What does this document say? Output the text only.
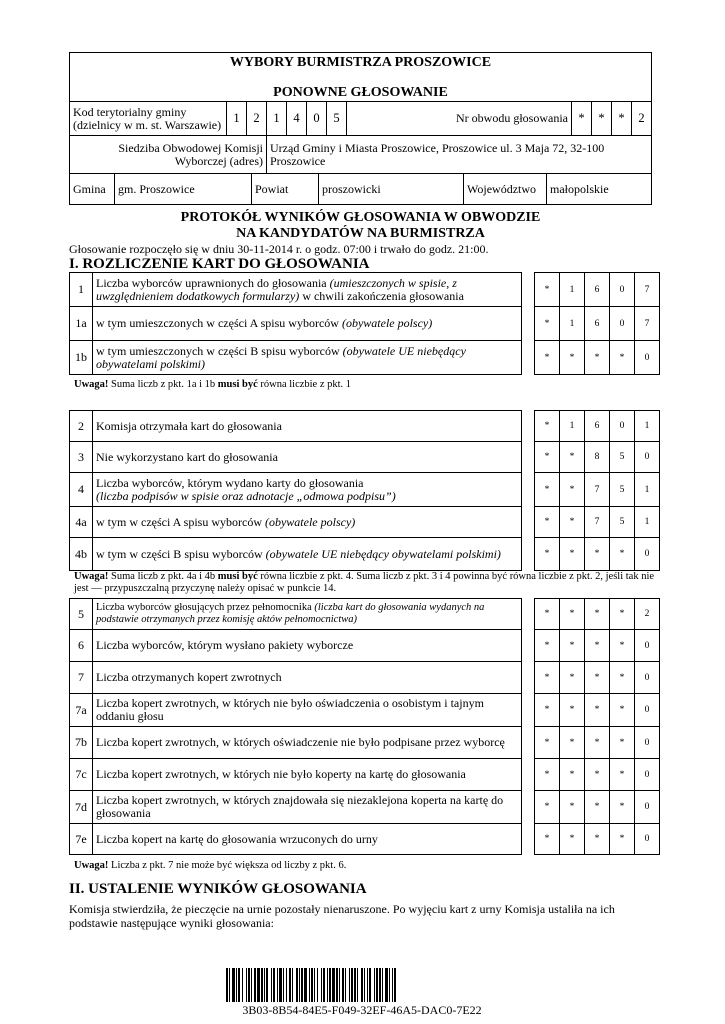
WYBORY BURMISTRZA PROSZOWICE
PONOWNE GŁOSOWANIE

Kod terytorialny gminy (dzielnicy w m. st. Warszawie)	1	2	1	4	0	5	Nr obwodu głosowania	*	*	*	2
Siedziba Obwodowej Komisji Wyborczej (adres)	Urząd Gminy i Miasta Proszowice, Proszowice ul. 3 Maja 72, 32-100 Proszowice

Gmina	gm. Proszowice	Powiat	proszowicki	Województwo	małopolskie
PROTOKÓŁ WYNIKÓW GŁOSOWANIA W OBWODZIE
NA KANDYDATÓW NA BURMISTRZA
Głosowanie rozpoczęło się w dniu 30-11-2014 r. o godz. 07:00 i trwało do godz. 21:00.
I. ROZLICZENIE KART DO GŁOSOWANIA
1	Liczba wyborców uprawnionych do głosowania (umieszczonych w spisie, z uwzględnieniem dodatkowych formularzy) w chwili zakończenia głosowania		*	1	6	0	7
1a	w tym umieszczonych w części A spisu wyborców (obywatele polscy)		*	1	6	0	7
1b	w tym umieszczonych w części B spisu wyborców (obywatele UE niebędący obywatelami polskimi)		*	*	*	*	0
Uwaga! Suma liczb z pkt. 1a i 1b musi być równa liczbie z pkt. 1
2	Komisja otrzymała kart do głosowania		*	1	6	0	1
3	Nie wykorzystano kart do głosowania		*	*	8	5	0
4	Liczba wyborców, którym wydano karty do głosowania
(liczba podpisów w spisie oraz adnotacje „odmowa podpisu”)		*	*	7	5	1
4a	w tym w części A spisu wyborców (obywatele polscy)		*	*	7	5	1
4b	w tym w części B spisu wyborców (obywatele UE niebędący obywatelami polskimi)		*	*	*	*	0
Uwaga! Suma liczb z pkt. 4a i 4b musi być równa liczbie z pkt. 4. Suma liczb z pkt. 3 i 4 powinna być równa liczbie z pkt. 2, jeśli tak nie jest — przypuszczalną przyczynę należy opisać w punkcie 14.
5	Liczba wyborców głosujących przez pełnomocnika (liczba kart do głosowania wydanych na podstawie otrzymanych przez komisję aktów pełnomocnictwa)		*	*	*	*	2
6	Liczba wyborców, którym wysłano pakiety wyborcze		*	*	*	*	0
7	Liczba otrzymanych kopert zwrotnych		*	*	*	*	0
7a	Liczba kopert zwrotnych, w których nie było oświadczenia o osobistym i tajnym oddaniu głosu		*	*	*	*	0
7b	Liczba kopert zwrotnych, w których oświadczenie nie było podpisane przez wyborcę		*	*	*	*	0
7c	Liczba kopert zwrotnych, w których nie było koperty na kartę do głosowania		*	*	*	*	0
7d	Liczba kopert zwrotnych, w których znajdowała się niezaklejona koperta na kartę do głosowania		*	*	*	*	0
7e	Liczba kopert na kartę do głosowania wrzuconych do urny		*	*	*	*	0
Uwaga! Liczba z pkt. 7 nie może być większa od liczby z pkt. 6.
II. USTALENIE WYNIKÓW GŁOSOWANIA
Komisja stwierdziła, że pieczęcie na urnie pozostały nienaruszone. Po wyjęciu kart z urny Komisja ustaliła na ich podstawie następujące wyniki głosowania:
3B03-8B54-84E5-F049-32EF-46A5-DAC0-7E22
